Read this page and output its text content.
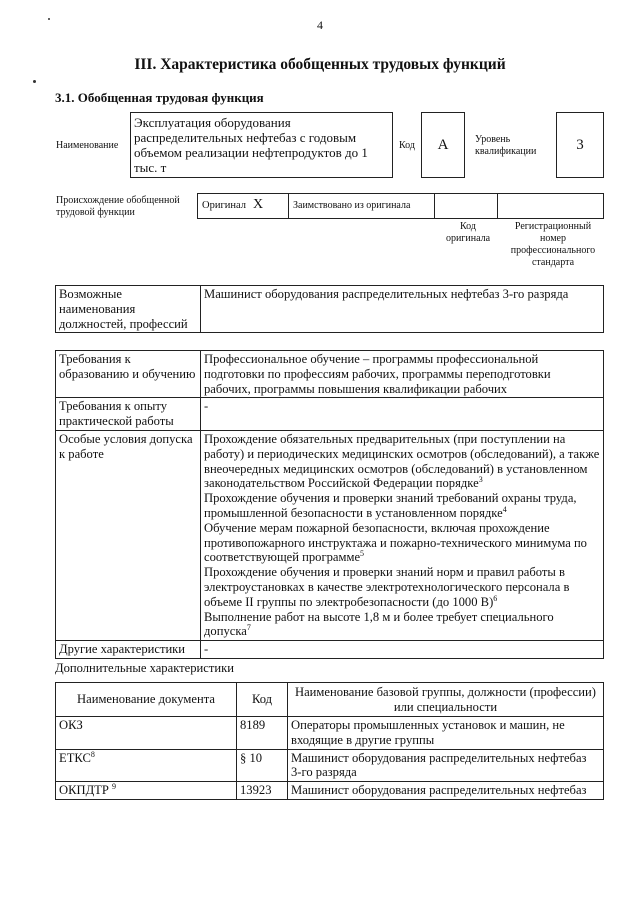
4
III. Характеристика обобщенных трудовых функций
3.1. Обобщенная трудовая функция
Наименование
Эксплуатация оборудования распределительных нефтебаз с годовым объемом реализации нефтепродуктов до 1 тыс. т
Код	А	Уровень квалификации	3
Происхождение обобщенной трудовой функции
Оригинал X	Заимствовано из оригинала
Код оригинала
Регистрационный номер профессионального стандарта
Возможные наименования должностей, профессий	Машинист оборудования распределительных нефтебаз 3-го разряда
Требования к образованию и обучению	Профессиональное обучение – программы профессиональной подготовки по профессиям рабочих, программы переподготовки рабочих, программы повышения квалификации рабочих
Требования к опыту практической работы	-
Особые условия допуска к работе	Прохождение обязательных предварительных (при поступлении на работу) и периодических медицинских осмотров (обследований), а также внеочередных медицинских осмотров (обследований) в установленном законодательством Российской Федерации порядке$^3$
Прохождение обучения и проверки знаний требований охраны труда, промышленной безопасности в установленном порядке$^4$
Обучение мерам пожарной безопасности, включая прохождение противопожарного инструктажа и пожарно-технического минимума по соответствующей программе$^5$
Прохождение обучения и проверки знаний норм и правил работы в электроустановках в качестве электротехнологического персонала в объеме II группы по электробезопасности (до 1000 В)$^6$
Выполнение работ на высоте 1,8 м и более требует специального допуска$^7$

Другие характеристики	-
Дополнительные характеристики
Наименование документа	Код	Наименование базовой группы, должности (профессии) или специальности
ОКЗ	8189	Операторы промышленных установок и машин, не входящие в другие группы
ЕТКС$^8$	§ 10	Машинист оборудования распределительных нефтебаз 3-го разряда
ОКПДТР $^9$	13923	Машинист оборудования распределительных нефтебаз
